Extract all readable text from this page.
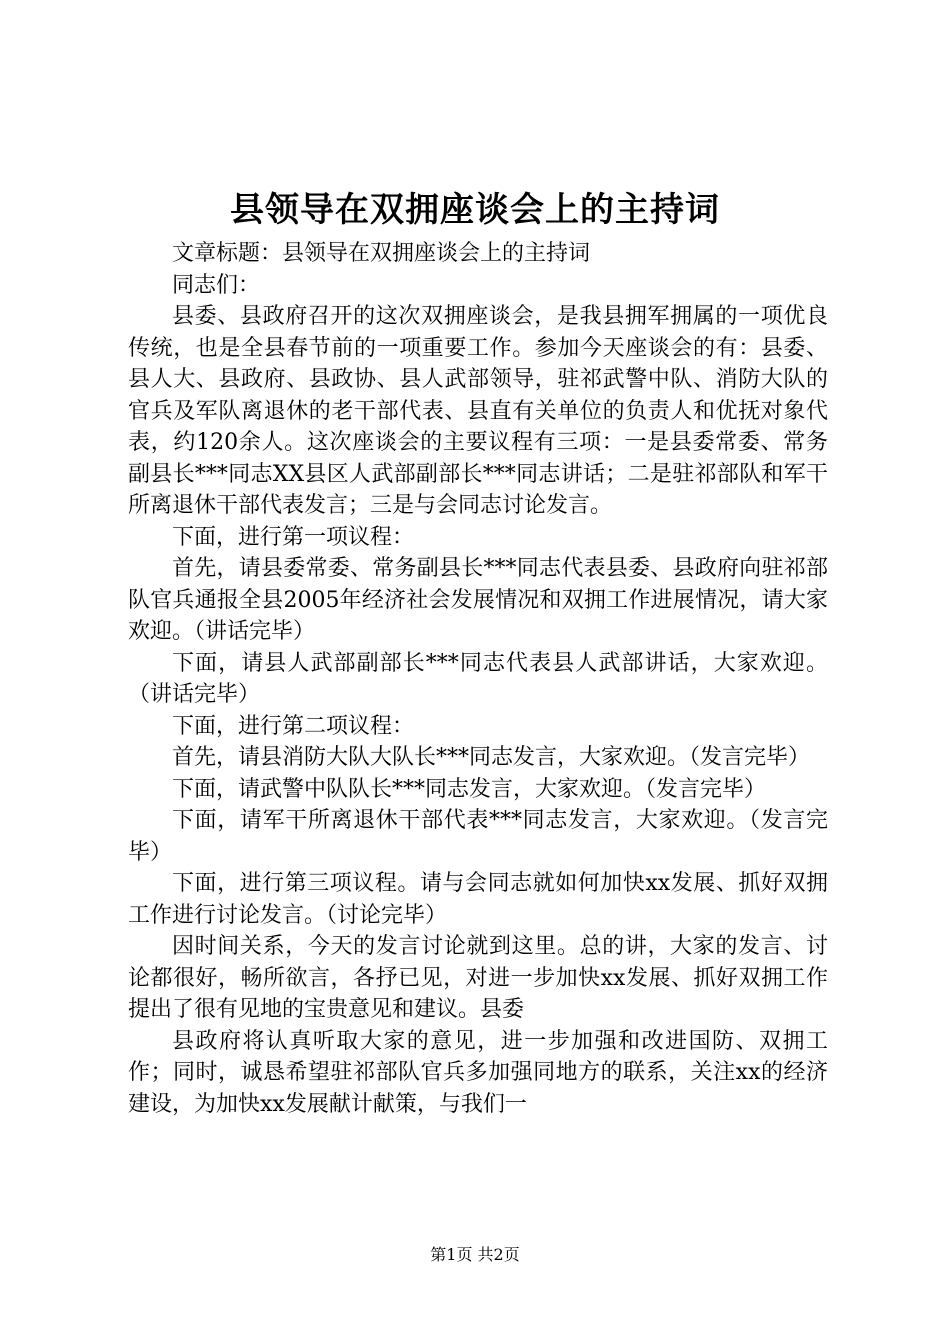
县领导在双拥座谈会上的主持词

文章标题：县领导在双拥座谈会上的主持词

同志们：

县委、县政府召开的这次双拥座谈会，是我县拥军拥属的一项优良传统，也是全县春节前的一项重要工作。参加今天座谈会的有：县委、县人大、县政府、县政协、县人武部领导，驻祁武警中队、消防大队的官兵及军队离退休的老干部代表、县直有关单位的负责人和优抚对象代表，约120余人。这次座谈会的主要议程有三项：一是县委常委、常务副县长***同志XX县区人武部副部长***同志讲话；二是驻祁部队和军干所离退休干部代表发言；三是与会同志讨论发言。

下面，进行第一项议程：

首先，请县委常委、常务副县长***同志代表县委、县政府向驻祁部队官兵通报全县2005年经济社会发展情况和双拥工作进展情况，请大家欢迎。（讲话完毕）

下面，请县人武部副部长***同志代表县人武部讲话，大家欢迎。（讲话完毕）

下面，进行第二项议程：

首先，请县消防大队大队长***同志发言，大家欢迎。（发言完毕）

下面，请武警中队队长***同志发言，大家欢迎。（发言完毕）

下面，请军干所离退休干部代表***同志发言，大家欢迎。（发言完毕）

下面，进行第三项议程。请与会同志就如何加快xx发展、抓好双拥工作进行讨论发言。（讨论完毕）

因时间关系，今天的发言讨论就到这里。总的讲，大家的发言、讨论都很好，畅所欲言，各抒已见，对进一步加快xx发展、抓好双拥工作提出了很有见地的宝贵意见和建议。县委

县政府将认真听取大家的意见，进一步加强和改进国防、双拥工作；同时，诚恳希望驻祁部队官兵多加强同地方的联系，关注xx的经济建设，为加快xx发展献计献策，与我们一

第1页 共2页
